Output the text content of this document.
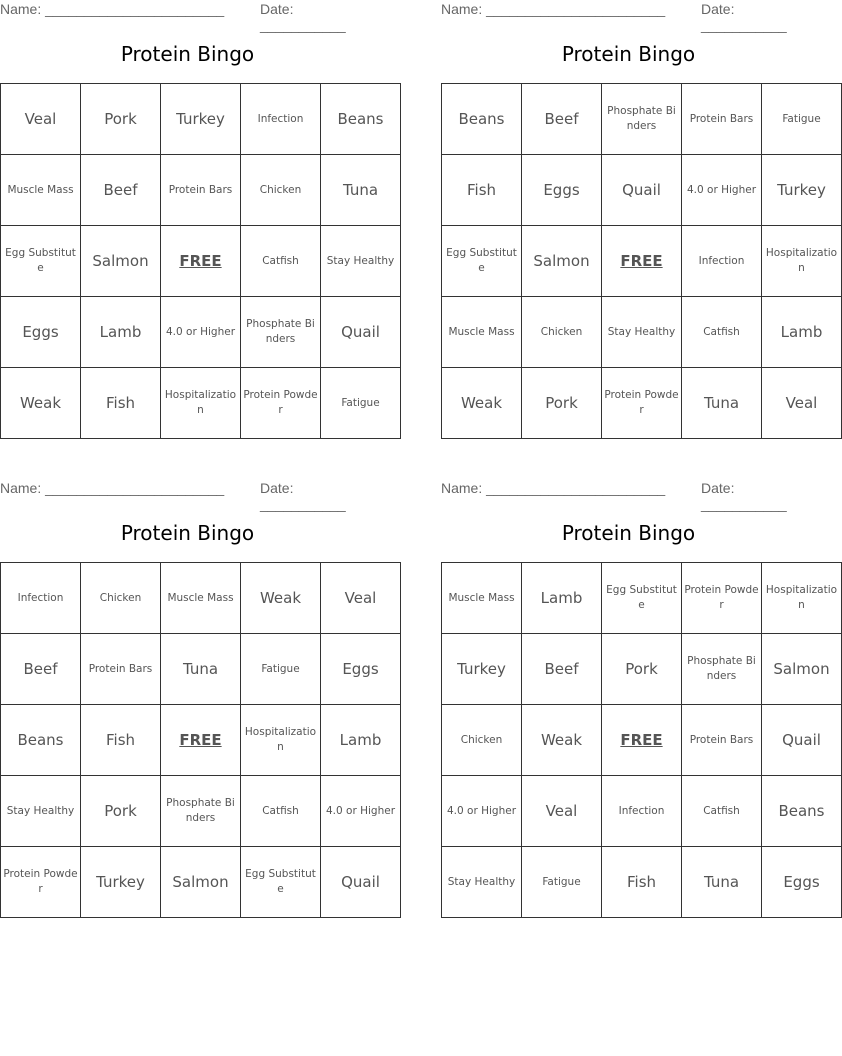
Name: _______________________	Date: ___________
Protein Bingo
Veal	Pork	Turkey	Infection	Beans
Muscle Mass	Beef	Protein Bars	Chicken	Tuna
Egg Substitute	Salmon	FREE	Catfish	Stay Healthy
Eggs	Lamb	4.0 or Higher	Phosphate Binders	Quail
Weak	Fish	Hospitalization	Protein Powder	Fatigue
Name: _______________________	Date: ___________
Protein Bingo
Beans	Beef	Phosphate Binders	Protein Bars	Fatigue
Fish	Eggs	Quail	4.0 or Higher	Turkey
Egg Substitute	Salmon	FREE	Infection	Hospitalization
Muscle Mass	Chicken	Stay Healthy	Catfish	Lamb
Weak	Pork	Protein Powder	Tuna	Veal
Name: _______________________	Date: ___________
Protein Bingo
Infection	Chicken	Muscle Mass	Weak	Veal
Beef	Protein Bars	Tuna	Fatigue	Eggs
Beans	Fish	FREE	Hospitalization	Lamb
Stay Healthy	Pork	Phosphate Binders	Catfish	4.0 or Higher
Protein Powder	Turkey	Salmon	Egg Substitute	Quail
Name: _______________________	Date: ___________
Protein Bingo
Muscle Mass	Lamb	Egg Substitute	Protein Powder	Hospitalization
Turkey	Beef	Pork	Phosphate Binders	Salmon
Chicken	Weak	FREE	Protein Bars	Quail
4.0 or Higher	Veal	Infection	Catfish	Beans
Stay Healthy	Fatigue	Fish	Tuna	Eggs
